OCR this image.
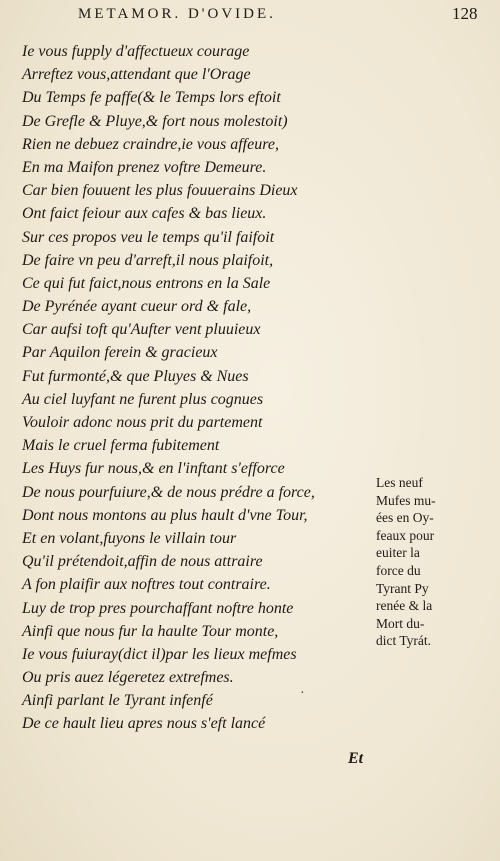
METAMOR. D'OVIDE.	128
Ie vous fupply d'affectueux courage
Arreftez vous,attendant que l'Orage
Du Temps fe paffe(& le Temps lors eftoit
De Grefle & Pluye,& fort nous molestoit)
Rien ne debuez craindre,ie vous affeure,
En ma Maifon prenez voftre Demeure.
Car bien fouuent les plus fouuerains Dieux
Ont faict feiour aux cafes & bas lieux.
Sur ces propos veu le temps qu'il faifoit
De faire vn peu d'arreft,il nous plaifoit,
Ce qui fut faict,nous entrons en la Sale
De Pyrénée ayant cueur ord & fale,
Car aufsi toft qu'Aufter vent pluuieux
Par Aquilon ferein & gracieux
Fut furmonté,& que Pluyes & Nues
Au ciel luyfant ne furent plus cognues
Vouloir adonc nous prit du partement
Mais le cruel ferma fubitement
Les Huys fur nous,& en l'inftant s'efforce
De nous pourfuiure,& de nous prédre a force,
Dont nous montons au plus hault d'vne Tour,
Et en volant,fuyons le villain tour
Qu'il prétendoit,affin de nous attraire
A fon plaifir aux noftres tout contraire.
Luy de trop pres pourchaffant noftre honte
Ainfi que nous fur la haulte Tour monte,
Ie vous fuiuray(dict il)par les lieux mefmes
Ou pris auez légeretez extrefmes.
Ainfi parlant le Tyrant infenfé
De ce hault lieu apres nous s'eft lancé
Les neuf
Mufes mu-
ées en Oy-
feaux pour
euiter la
force du
Tyrant Py
renée & la
Mort du-
dict Tyrát.
·
Et
